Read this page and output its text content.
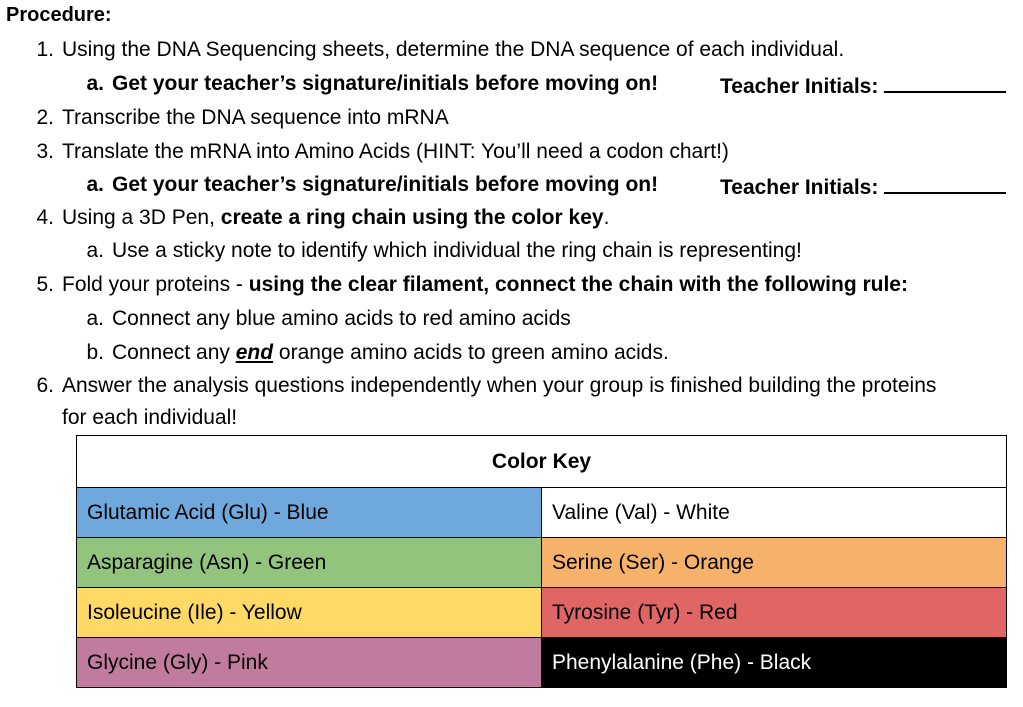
Procedure:
1. Using the DNA Sequencing sheets, determine the DNA sequence of each individual.
a. Get your teacher’s signature/initials before moving on!	Teacher Initials:
2. Transcribe the DNA sequence into mRNA
3. Translate the mRNA into Amino Acids (HINT: You’ll need a codon chart!)
a. Get your teacher’s signature/initials before moving on!	Teacher Initials:
4. Using a 3D Pen, create a ring chain using the color key.
a. Use a sticky note to identify which individual the ring chain is representing!
5. Fold your proteins - using the clear filament, connect the chain with the following rule:
a. Connect any blue amino acids to red amino acids
b. Connect any end orange amino acids to green amino acids.
6. Answer the analysis questions independently when your group is finished building the proteins
for each individual!
Color Key	
Glutamic Acid (Glu) - Blue	Valine (Val) - White
Asparagine (Asn) - Green	Serine (Ser) - Orange
Isoleucine (Ile) - Yellow	Tyrosine (Tyr) - Red
Glycine (Gly) - Pink	Phenylalanine (Phe) - Black
